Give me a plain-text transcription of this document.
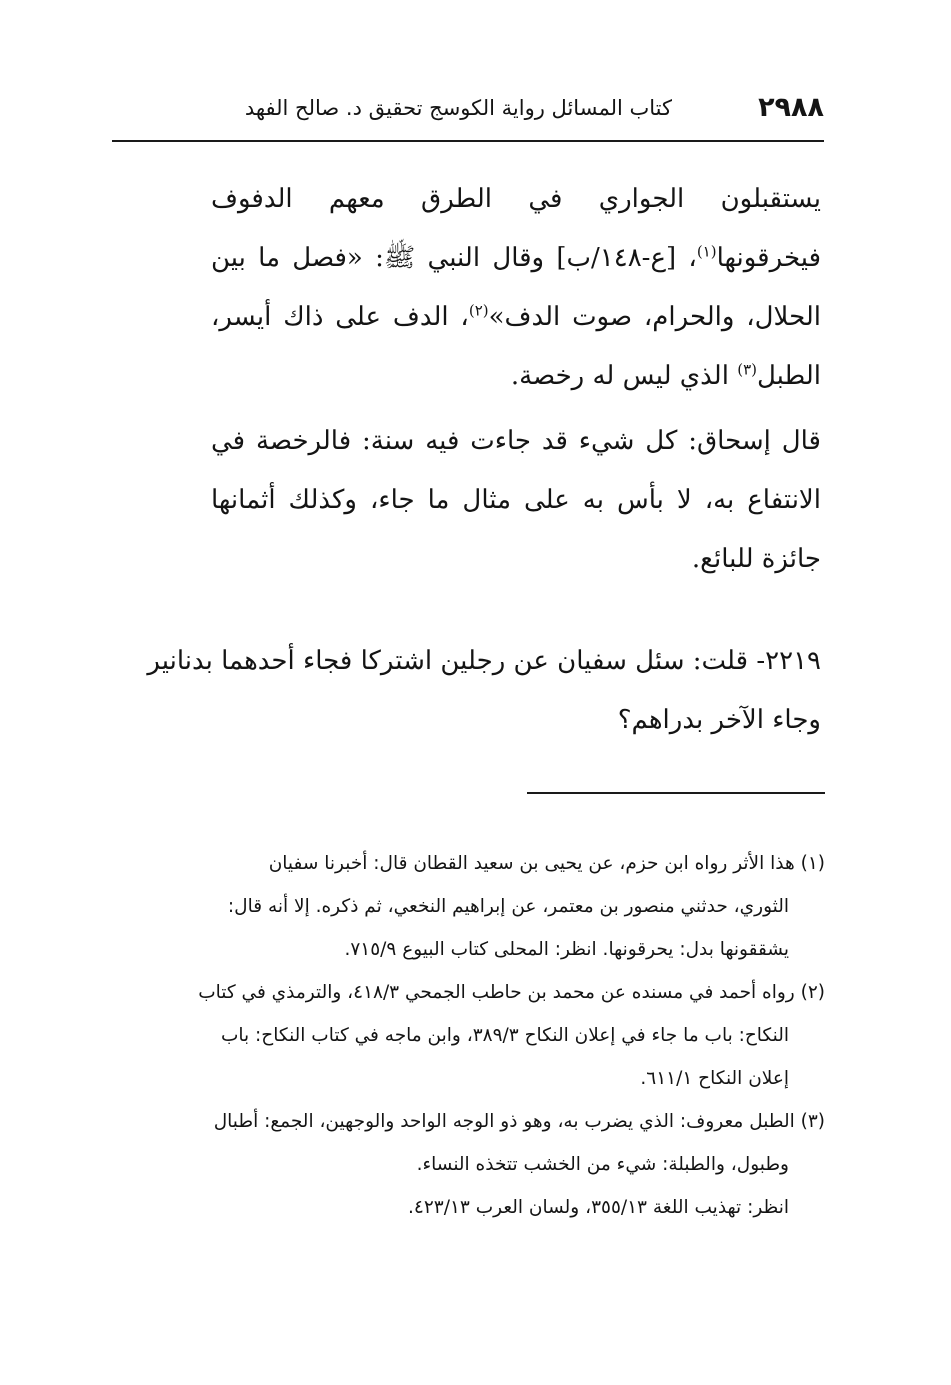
٢٩٨٨
كتاب المسائل رواية الكوسج تحقيق د. صالح الفهد

يستقبلون الجواري في الطرق معهم الدفوف فيخرقونها$^{(١)}$، [ع-١٤٨/ب] وقال النبي ﷺ: «فصل ما بين الحلال، والحرام، صوت الدف»$^{(٢)}$، الدف على ذاك أيسر، الطبل$^{(٣)}$ الذي ليس له رخصة.

قال إسحاق: كل شيء قد جاءت فيه سنة: فالرخصة في الانتفاع به، لا بأس به على مثال ما جاء، وكذلك أثمانها جائزة للبائع.

٢٢١٩- قلت: سئل سفيان عن رجلين اشتركا فجاء أحدهما بدنانير
وجاء الآخر بدراهم؟

(١) هذا الأثر رواه ابن حزم، عن يحيى بن سعيد القطان قال: أخبرنا سفيان
الثوري، حدثني منصور بن معتمر، عن إبراهيم النخعي، ثم ذكره. إلا أنه قال:
يشققونها بدل: يحرقونها. انظر: المحلى كتاب البيوع ٧١٥/٩.

(٢) رواه أحمد في مسنده عن محمد بن حاطب الجمحي ٤١٨/٣، والترمذي في كتاب
النكاح: باب ما جاء في إعلان النكاح ٣٨٩/٣، وابن ماجه في كتاب النكاح: باب
إعلان النكاح ٦١١/١.

(٣) الطبل معروف: الذي يضرب به، وهو ذو الوجه الواحد والوجهين، الجمع: أطبال
وطبول، والطبلة: شيء من الخشب تتخذه النساء.
انظر: تهذيب اللغة ٣٥٥/١٣، ولسان العرب ٤٢٣/١٣.
